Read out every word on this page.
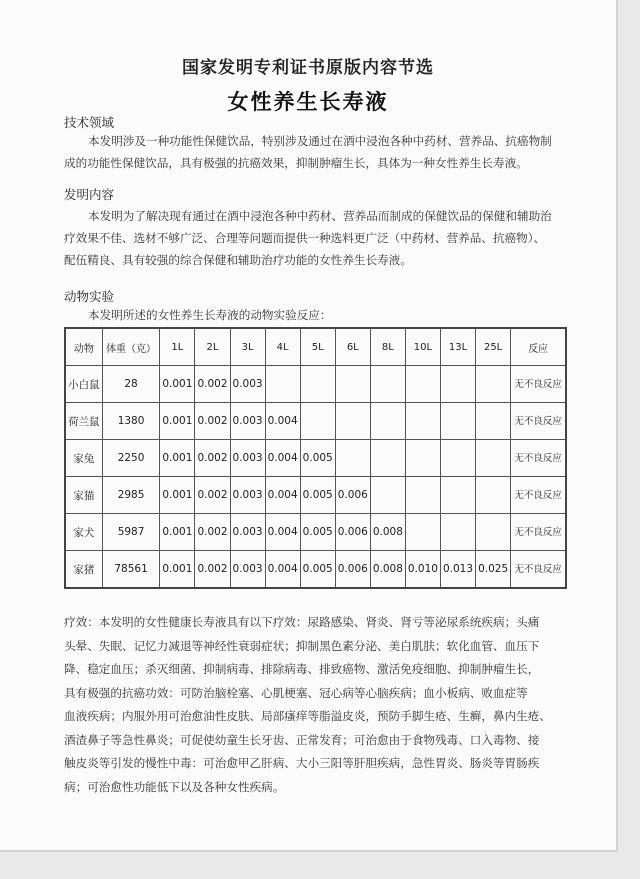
国家发明专利证书原版内容节选
女性养生长寿液
技术领域
本发明涉及一种功能性保健饮品，特别涉及通过在酒中浸泡各种中药材、营养品、抗癌物制
成的功能性保健饮品，具有极强的抗癌效果，抑制肿瘤生长，具体为一种女性养生长寿液。
发明内容
本发明为了解决现有通过在酒中浸泡各种中药材、营养品而制成的保健饮品的保健和辅助治
疗效果不佳、选材不够广泛、合理等问题而提供一种选料更广泛（中药材、营养品、抗癌物）、
配伍精良、具有较强的综合保健和辅助治疗功能的女性养生长寿液。
动物实验
本发明所述的女性养生长寿液的动物实验反应：
动物	体重（克）	1L	2L	3L	4L	5L	6L	8L	10L	13L	25L	反应
小白鼠	28	0.001	0.002	0.003								无不良反应
荷兰鼠	1380	0.001	0.002	0.003	0.004							无不良反应
家兔	2250	0.001	0.002	0.003	0.004	0.005						无不良反应
家猫	2985	0.001	0.002	0.003	0.004	0.005	0.006					无不良反应
家犬	5987	0.001	0.002	0.003	0.004	0.005	0.006	0.008				无不良反应
家猪	78561	0.001	0.002	0.003	0.004	0.005	0.006	0.008	0.010	0.013	0.025	无不良反应
疗效：本发明的女性健康长寿液具有以下疗效：尿路感染、肾炎、肾亏等泌尿系统疾病；头痛
头晕、失眠、记忆力减退等神经性衰弱症状；抑制黑色素分泌、美白肌肤；软化血管、血压下
降、稳定血压；杀灭细菌、抑制病毒、排除病毒、排致癌物、激活免疫细胞、抑制肿瘤生长，
具有极强的抗癌功效：可防治脑栓塞、心肌梗塞、冠心病等心脑疾病；血小板病、败血症等
血液疾病；内服外用可治愈油性皮肤、局部瘙痒等脂溢皮炎，预防手脚生疮、生癣，鼻内生疮、
酒渣鼻子等急性鼻炎；可促使幼童生长牙齿、正常发育；可治愈由于食物残毒、口入毒物、接
触皮炎等引发的慢性中毒：可治愈甲乙肝病、大小三阳等肝胆疾病，急性胃炎、肠炎等胃肠疾
病；可治愈性功能低下以及各种女性疾病。
